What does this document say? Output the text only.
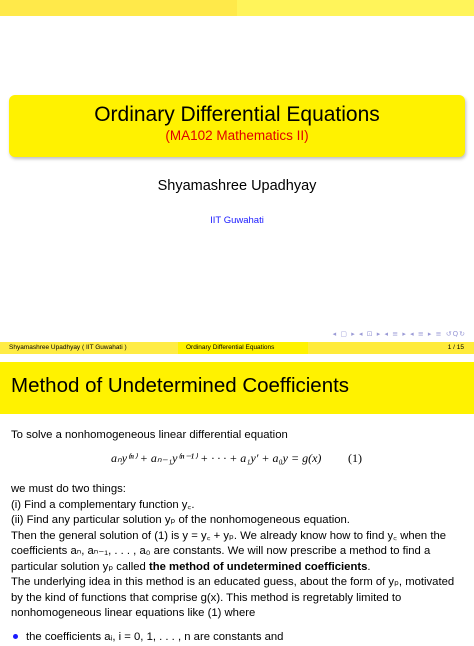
Ordinary Differential Equations
(MA102 Mathematics II)
Shyamashree Upadhyay
IIT Guwahati
◂ ▢ ▸ ◂ ⊡ ▸ ◂ ≡ ▸ ◂ ≡ ▸ ≡ ↺Q↻
Shyamashree Upadhyay ( IIT Guwahati )	Ordinary Differential Equations	1 / 15
Method of Undetermined Coefficients

To solve a nonhomogeneous linear differential equation

aₙy⁽ⁿ⁾ + aₙ₋₁y⁽ⁿ⁻¹⁾ + · · · + a₁y′ + a₀y = g(x) (1)

we must do two things:

(i) Find a complementary function y꜀.

(ii) Find any particular solution yₚ of the nonhomogeneous equation.

Then the general solution of (1) is y = y꜀ + yₚ. We already know how to find y꜀ when the

coefficients aₙ, aₙ₋₁, . . . , a₀ are constants. We will now prescribe a method to find a

particular solution yₚ called the method of undetermined coefficients.

The underlying idea in this method is an educated guess, about the form of yₚ, motivated

by the kind of functions that comprise g(x). This method is regretably limited to

nonhomogeneous linear equations like (1) where

the coefficients aᵢ, i = 0, 1, . . . , n are constants and
